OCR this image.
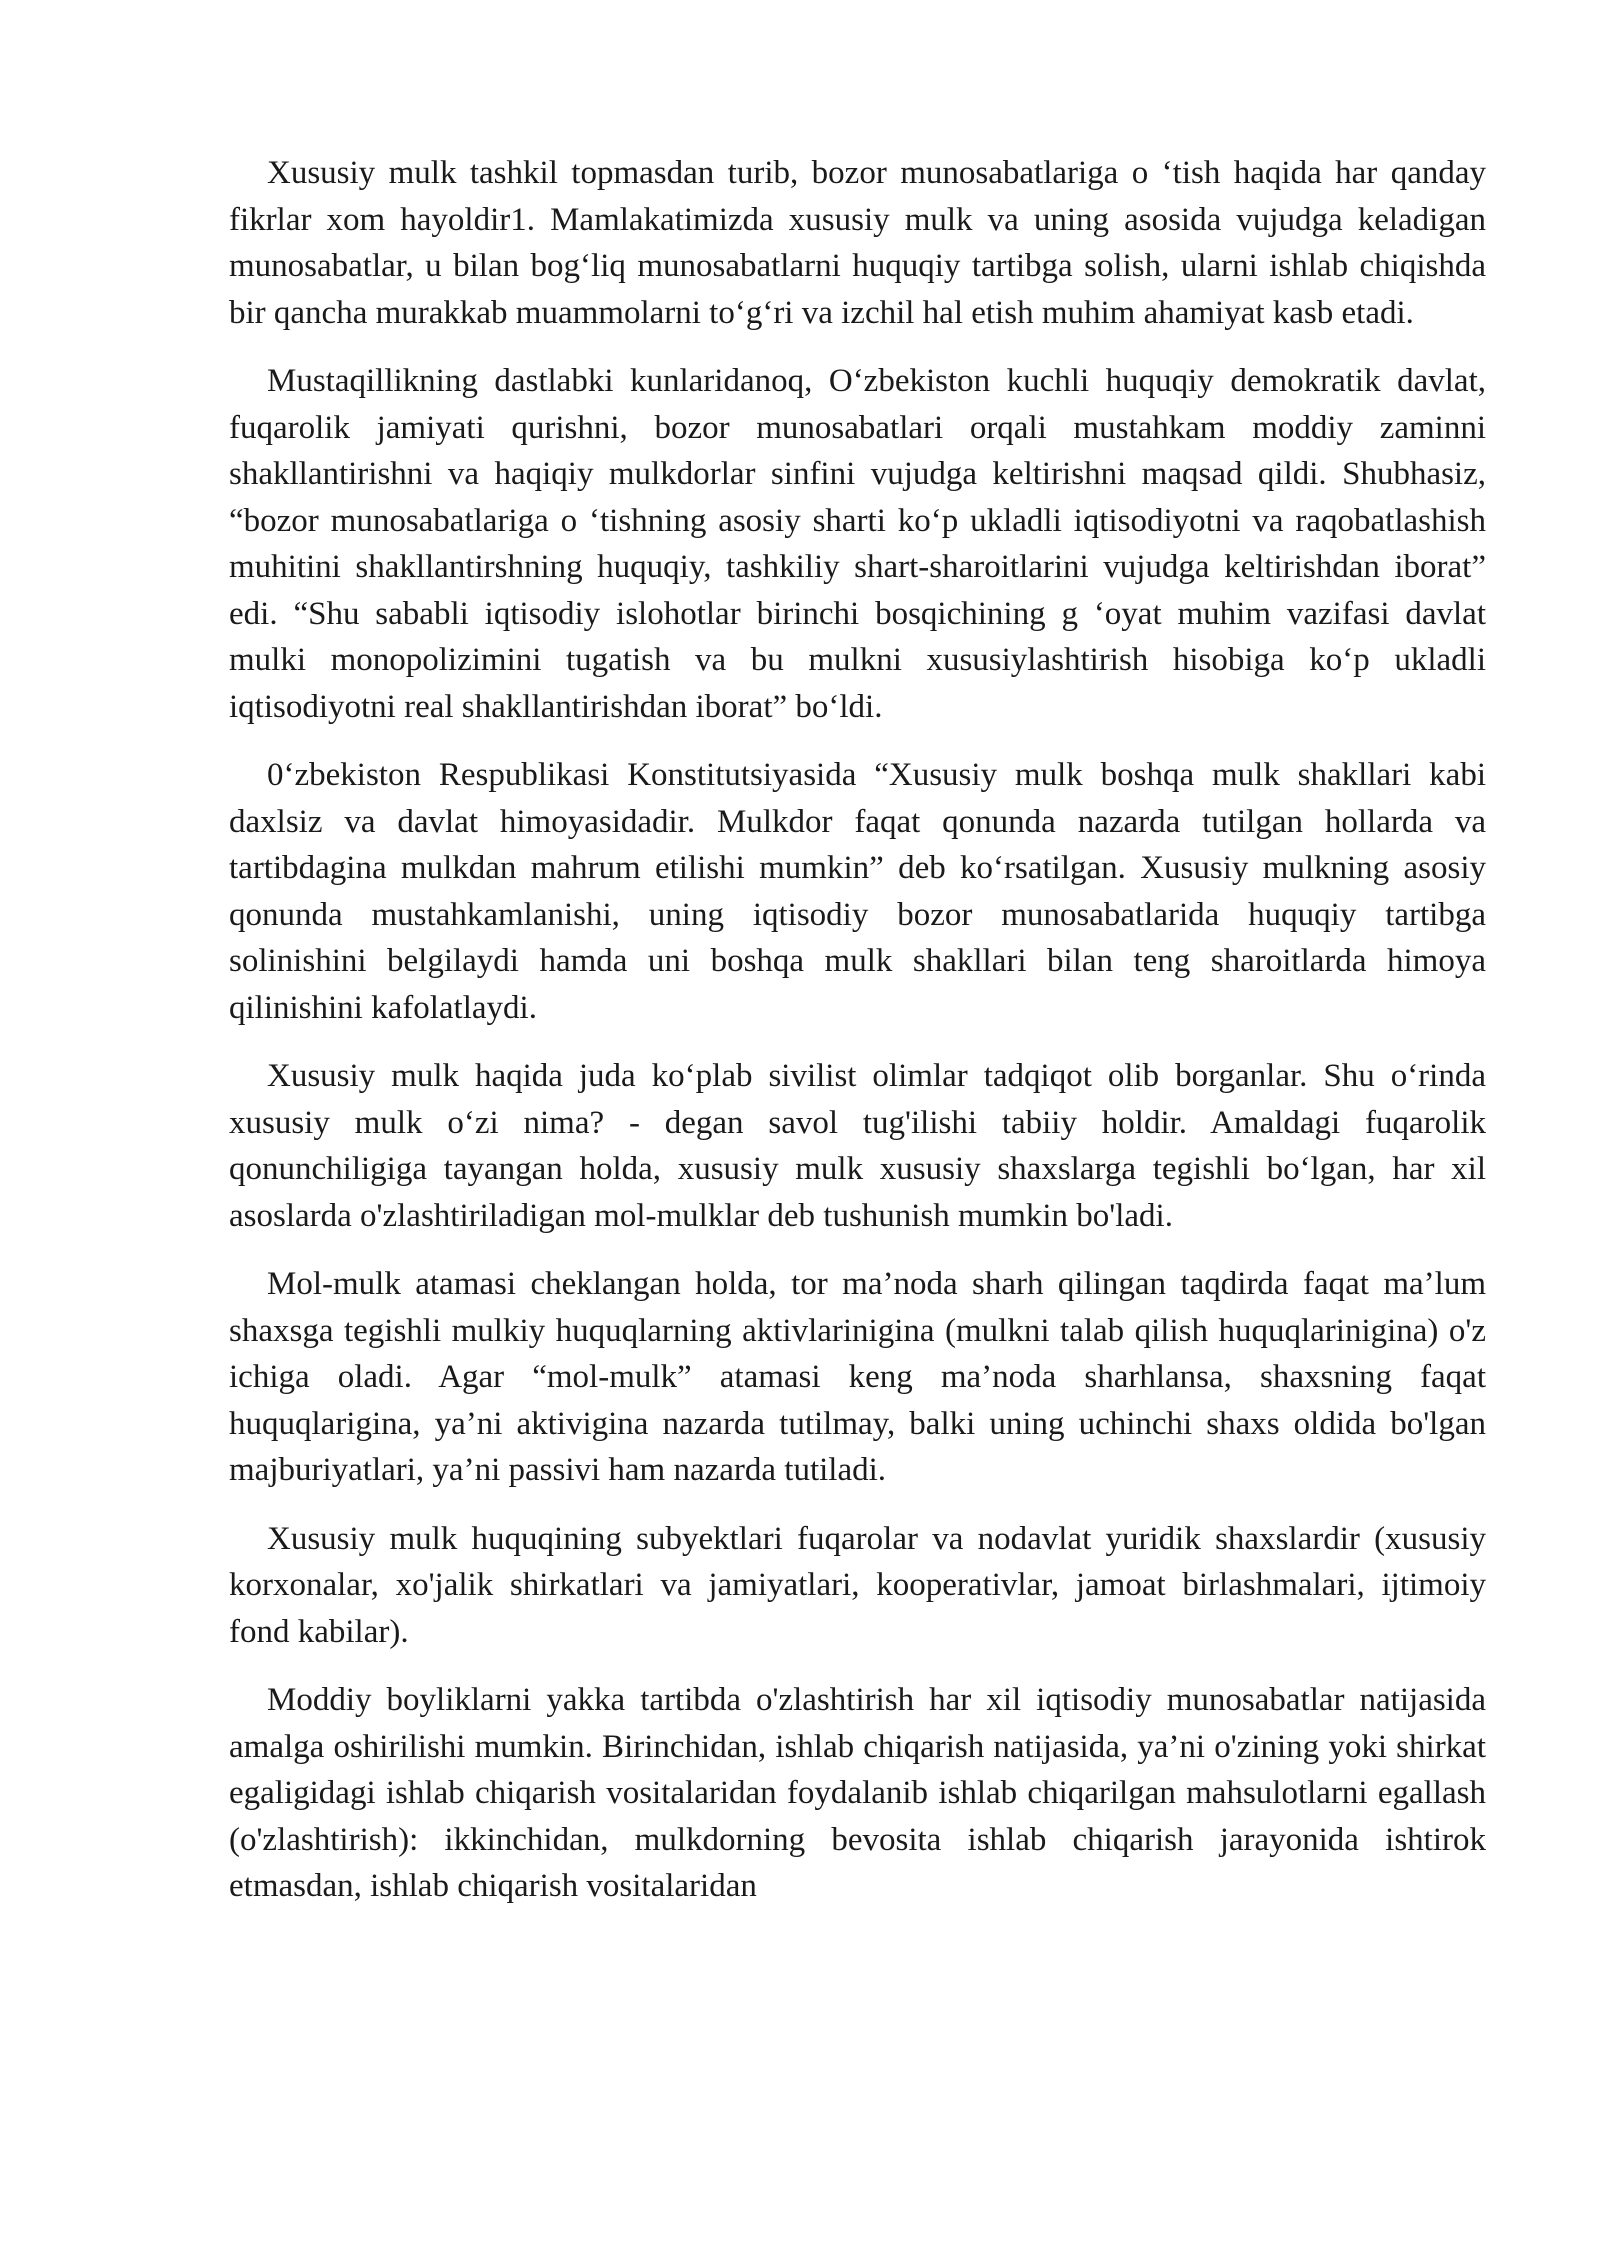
Xususiy mulk tashkil topmasdan turib, bozor munosabatlariga o ‘tish haqida har qanday fikrlar xom hayoldir1. Mamlakatimizda xususiy mulk va uning asosida vujudga keladigan munosabatlar, u bilan bog‘liq munosabatlarni huquqiy tartibga solish, ularni ishlab chiqishda bir qancha murakkab muammolarni to‘g‘ri va izchil hal etish muhim ahamiyat kasb etadi.

Mustaqillikning dastlabki kunlaridanoq, O‘zbekiston kuchli huquqiy demokratik davlat, fuqarolik jamiyati qurishni, bozor munosabatlari orqali mustahkam moddiy zaminni shakllantirishni va haqiqiy mulkdorlar sinfini vujudga keltirishni maqsad qildi. Shubhasiz, “bozor munosabatlariga o ‘tishning asosiy sharti ko‘p ukladli iqtisodiyotni va raqobatlashish muhitini shakllantirshning huquqiy, tashkiliy shart-sharoitlarini vujudga keltirishdan iborat” edi. “Shu sababli iqtisodiy islohotlar birinchi bosqichining g ‘oyat muhim vazifasi davlat mulki monopolizimini tugatish va bu mulkni xususiylashtirish hisobiga ko‘p ukladli iqtisodiyotni real shakllantirishdan iborat” bo‘ldi.

0‘zbekiston Respublikasi Konstitutsiyasida “Xususiy mulk boshqa mulk shakllari kabi daxlsiz va davlat himoyasidadir. Mulkdor faqat qonunda nazarda tutilgan hollarda va tartibdagina mulkdan mahrum etilishi mumkin” deb ko‘rsatilgan. Xususiy mulkning asosiy qonunda mustahkamlanishi, uning iqtisodiy bozor munosabatlarida huquqiy tartibga solinishini belgilaydi hamda uni boshqa mulk shakllari bilan teng sharoitlarda himoya qilinishini kafolatlaydi.

Xususiy mulk haqida juda ko‘plab sivilist olimlar tadqiqot olib borganlar. Shu o‘rinda xususiy mulk o‘zi nima? - degan savol tug'ilishi tabiiy holdir. Amaldagi fuqarolik qonunchiligiga tayangan holda, xususiy mulk xususiy shaxslarga tegishli bo‘lgan, har xil asoslarda o'zlashtiriladigan mol-mulklar deb tushunish mumkin bo'ladi.

Mol-mulk atamasi cheklangan holda, tor ma’noda sharh qilingan taqdirda faqat ma’lum shaxsga tegishli mulkiy huquqlarning aktivlarinigina (mulkni talab qilish huquqlarinigina) o'z ichiga oladi. Agar “mol-mulk” atamasi keng ma’noda sharhlansa, shaxsning faqat huquqlarigina, ya’ni aktivigina nazarda tutilmay, balki uning uchinchi shaxs oldida bo'lgan majburiyatlari, ya’ni passivi ham nazarda tutiladi.

Xususiy mulk huquqining subyektlari fuqarolar va nodavlat yuridik shaxslardir (xususiy korxonalar, xo'jalik shirkatlari va jamiyatlari, kooperativlar, jamoat birlashmalari, ijtimoiy fond kabilar).

Moddiy boyliklarni yakka tartibda o'zlashtirish har xil iqtisodiy munosabatlar natijasida amalga oshirilishi mumkin. Birinchidan, ishlab chiqarish natijasida, ya’ni o'zining yoki shirkat egaligidagi ishlab chiqarish vositalaridan foydalanib ishlab chiqarilgan mahsulotlarni egallash (o'zlashtirish): ikkinchidan, mulkdorning bevosita ishlab chiqarish jarayonida ishtirok etmasdan, ishlab chiqarish vositalaridan
